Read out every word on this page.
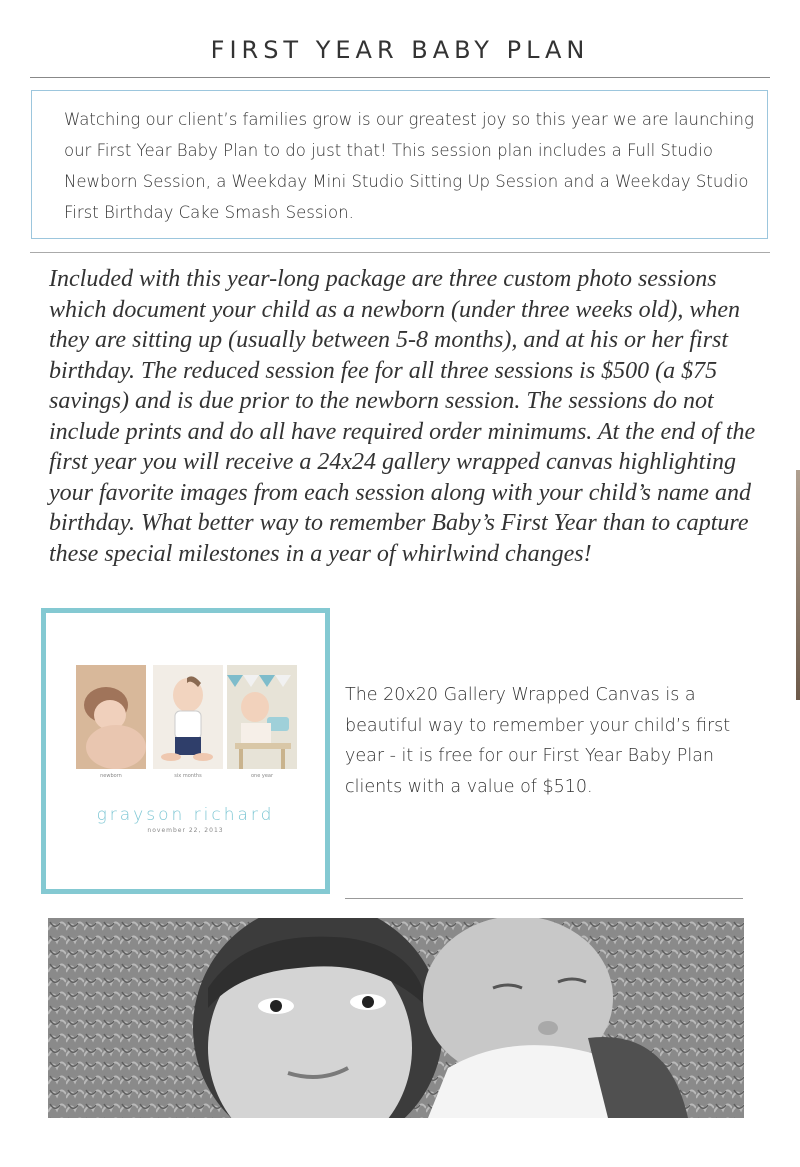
FIRST YEAR BABY PLAN

Watching our client’s families grow is our greatest joy so this year we are launching our First Year Baby Plan to do just that! This session plan includes a Full Studio Newborn Session, a Weekday Mini Studio Sitting Up Session and a Weekday Studio First Birthday Cake Smash Session.

Included with this year-long package are three custom photo sessions which document your child as a newborn (under three weeks old), when they are sitting up (usually between 5-8 months), and at his or her first birthday. The reduced session fee for all three sessions is $500 (a $75 savings) and is due prior to the newborn session. The sessions do not include prints and do all have required order minimums. At the end of the first year you will receive a 24x24 gallery wrapped canvas highlighting your favorite images from each session along with your child’s name and birthday. What better way to remember Baby’s First Year than to capture these special milestones in a year of whirlwind changes!

newborn	six months	one year
grayson richard
november 22, 2013

The 20x20 Gallery Wrapped Canvas is a beautiful way to remember your child’s first year - it is free for our First Year Baby Plan clients with a value of $510.
